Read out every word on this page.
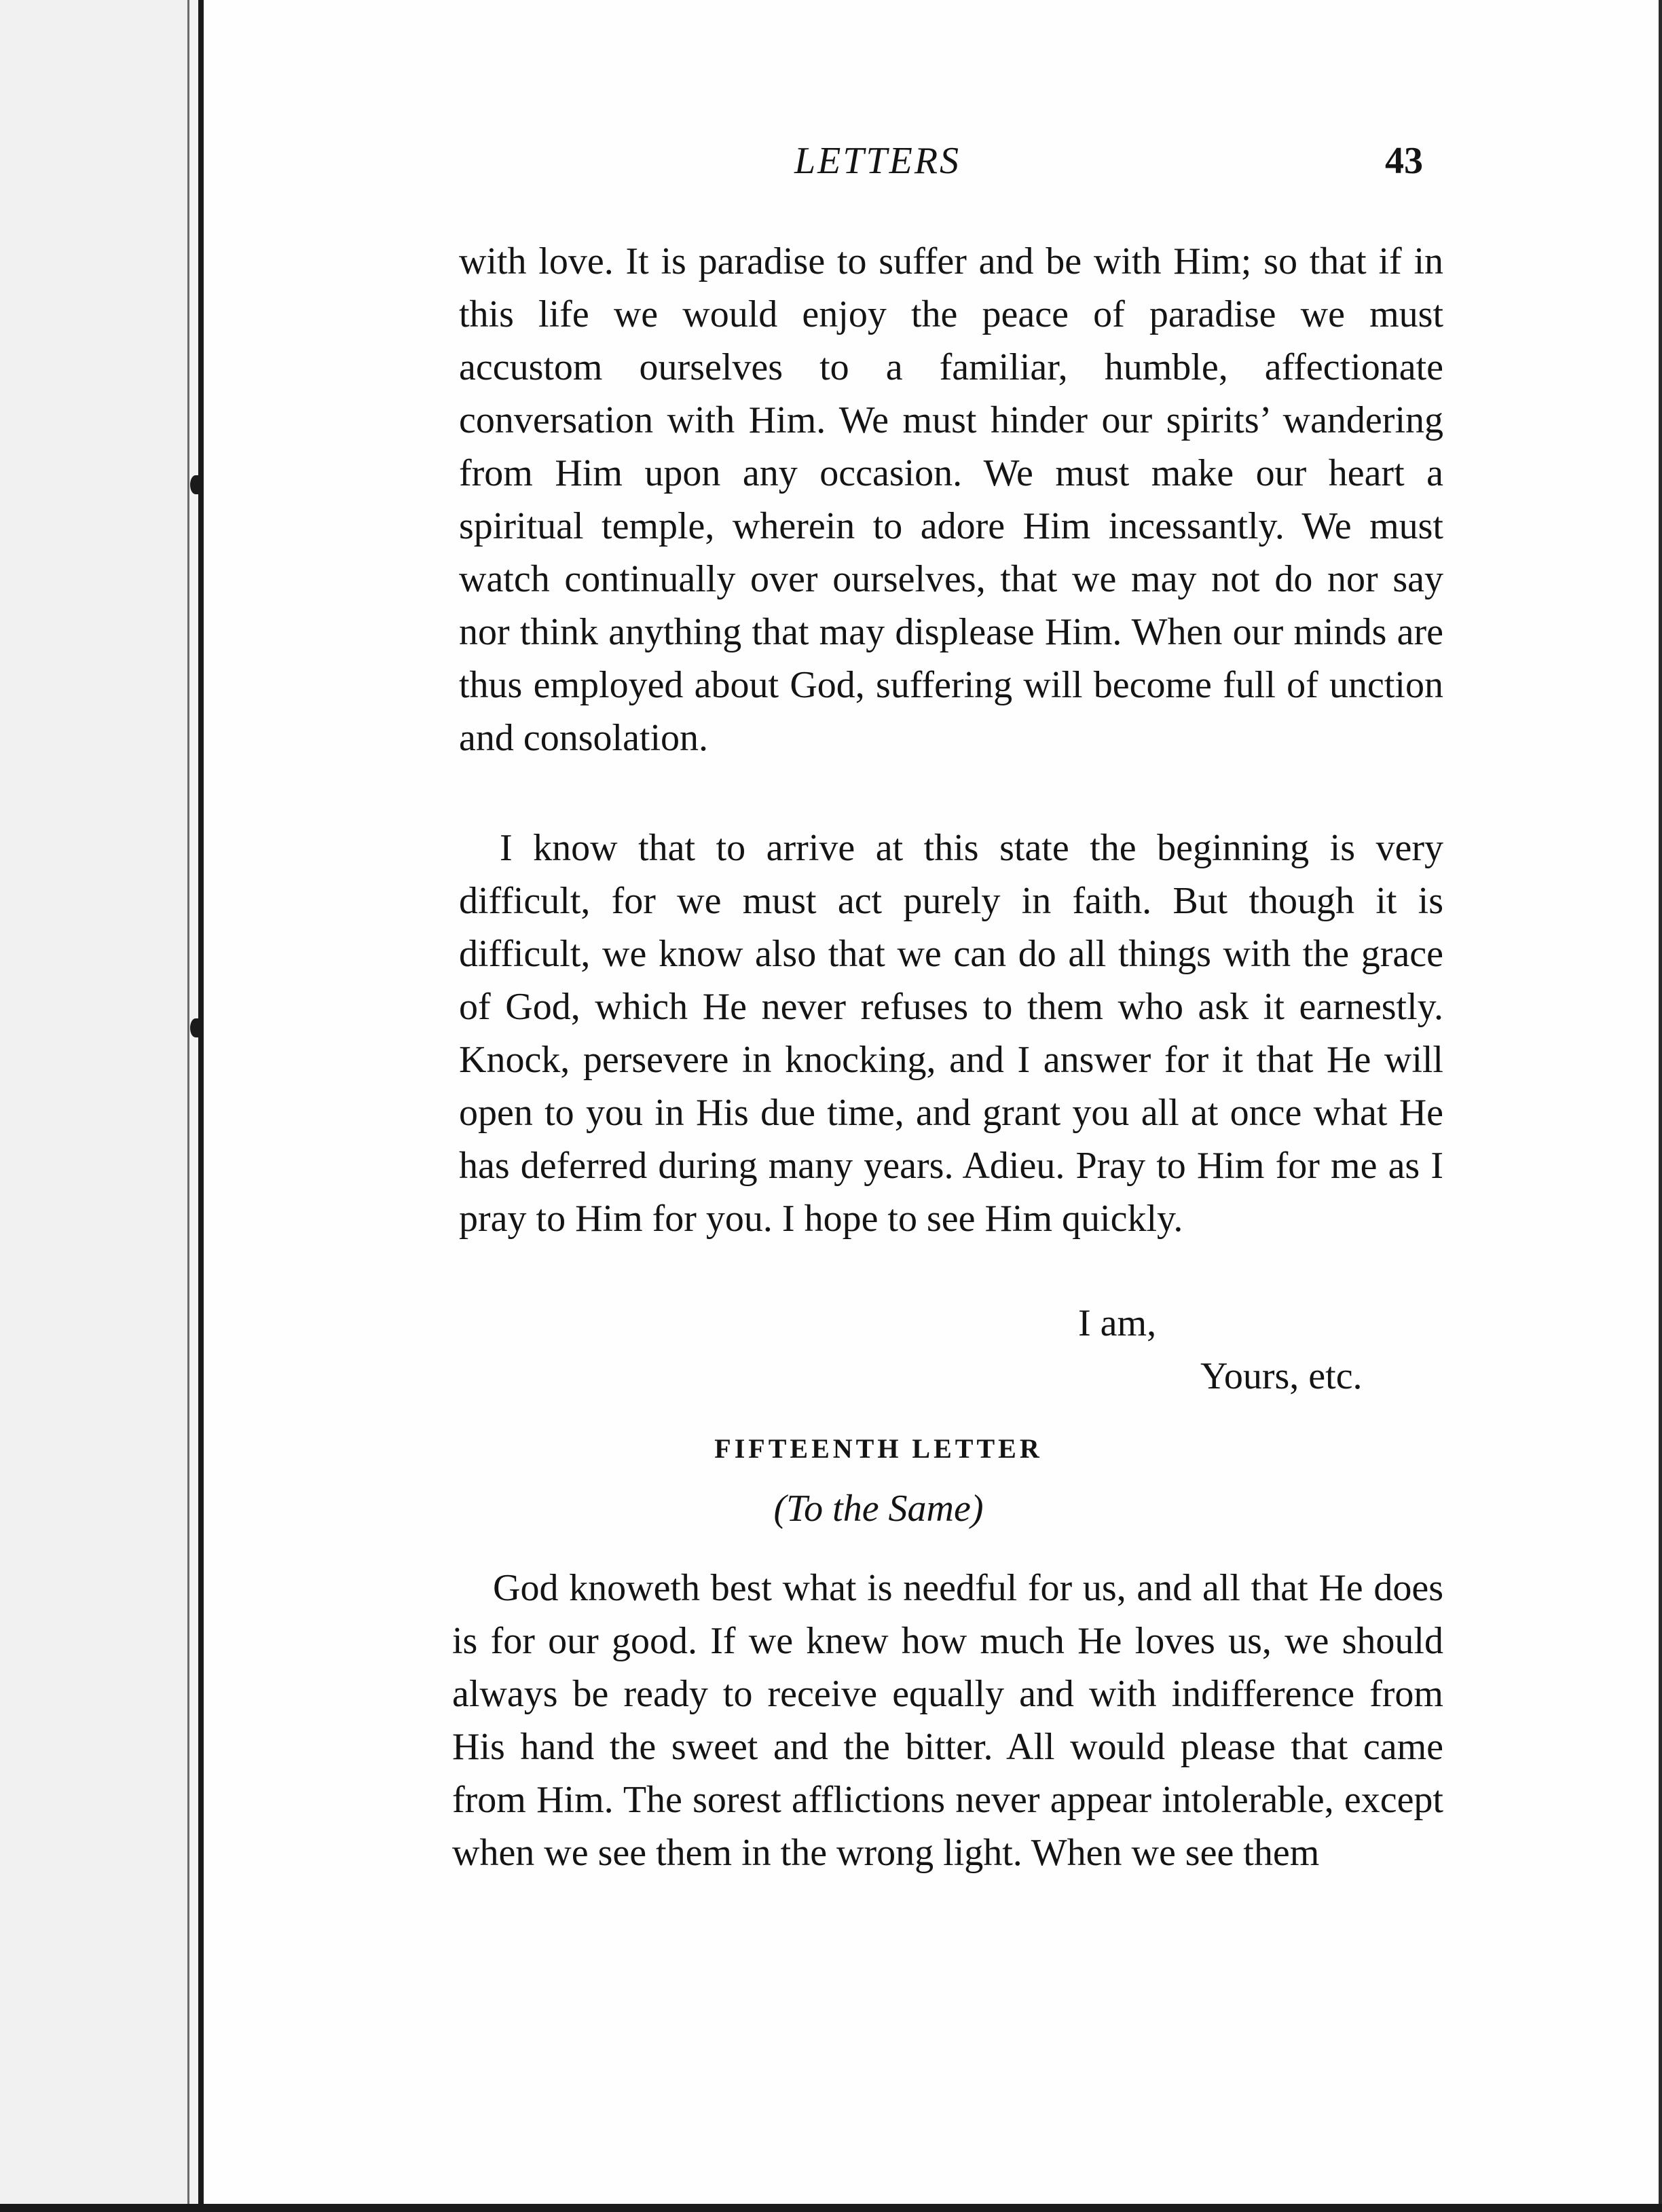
LETTERS	43

with love. It is paradise to suffer and be with Him; so that if in this life we would enjoy the peace of paradise we must accustom ourselves to a familiar, humble, affectionate conversation with Him. We must hinder our spirits’ wandering from Him upon any occasion. We must make our heart a spiritual temple, wherein to adore Him incessantly. We must watch continually over ourselves, that we may not do nor say nor think anything that may displease Him. When our minds are thus employed about God, suffering will become full of unction and consolation.

I know that to arrive at this state the beginning is very difficult, for we must act purely in faith. But though it is difficult, we know also that we can do all things with the grace of God, which He never refuses to them who ask it earnestly. Knock, persevere in knocking, and I answer for it that He will open to you in His due time, and grant you all at once what He has deferred during many years. Adieu. Pray to Him for me as I pray to Him for you. I hope to see Him quickly.

I am,
Yours, etc.
FIFTEENTH LETTER
(To the Same)

God knoweth best what is needful for us, and all that He does is for our good. If we knew how much He loves us, we should always be ready to receive equally and with indifference from His hand the sweet and the bitter. All would please that came from Him. The sorest afflictions never appear intolerable, except when we see them in the wrong light. When we see them
